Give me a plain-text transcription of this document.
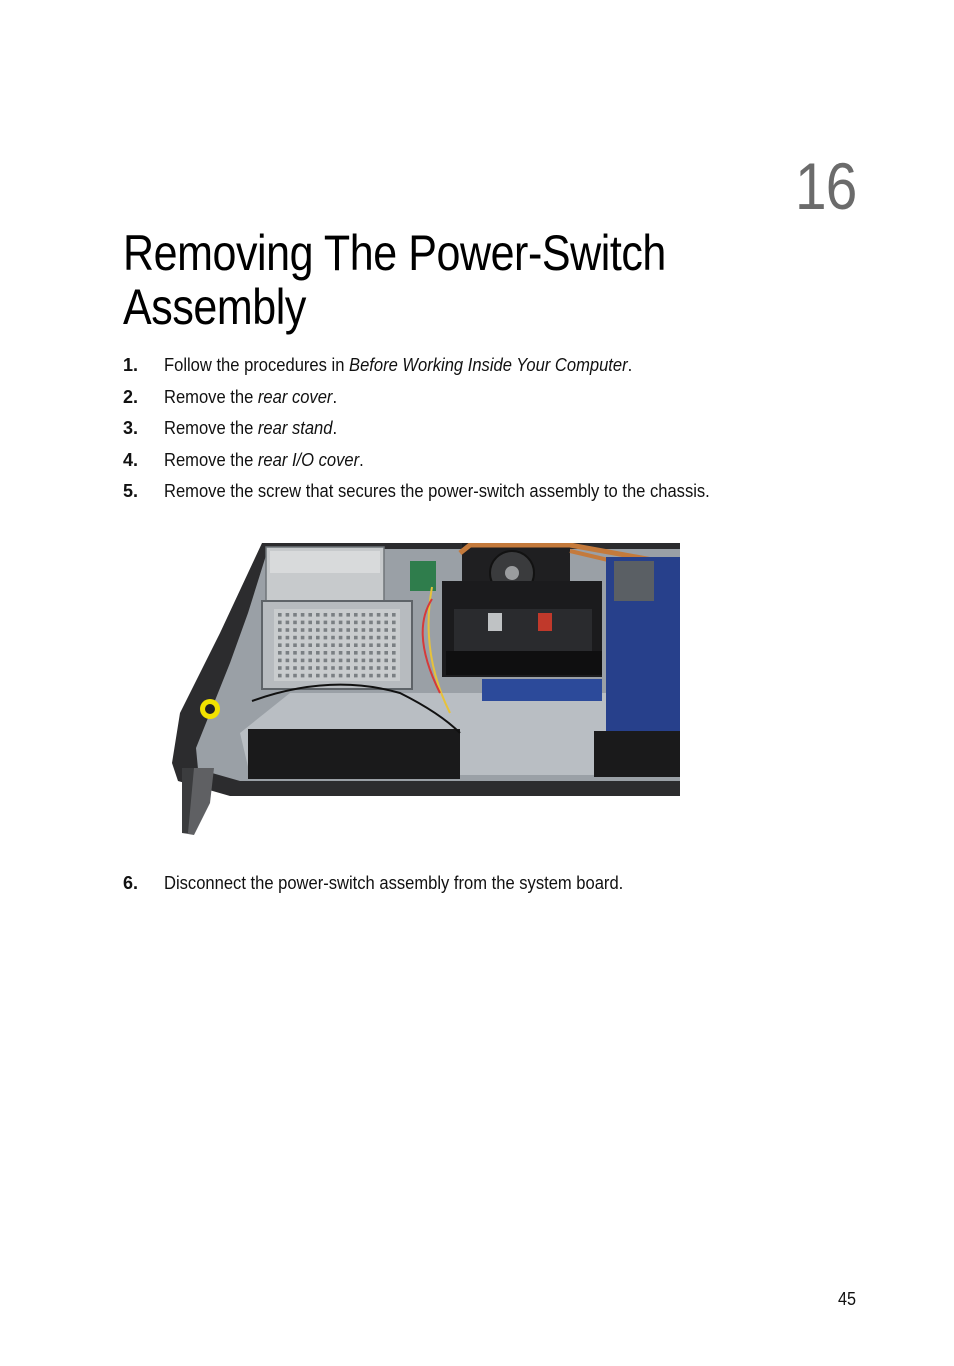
16
Removing The Power-Switch Assembly
1.	Follow the procedures in Before Working Inside Your Computer.
2.	Remove the rear cover.
3.	Remove the rear stand.
4.	Remove the rear I/O cover.
5.	Remove the screw that secures the power-switch assembly to the chassis.
6.	Disconnect the power-switch assembly from the system board.
45
